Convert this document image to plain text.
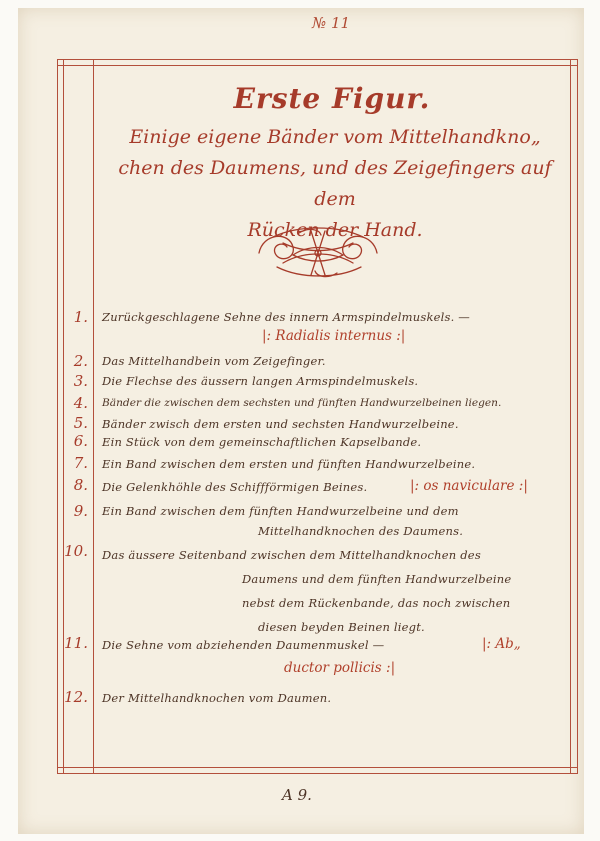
№ 11
Erste Figur.
Einige eigene Bänder vom Mittelhandkno„
chen des Daumens, und des Zeigefingers auf dem
Rücken der Hand.
1. Zurückgeschlagene Sehne des innern Armspindelmuskels. —
|: Radialis internus :|
2. Das Mittelhandbein vom Zeigefinger.
3. Die Flechse des äussern langen Armspindelmuskels.
4. Bänder die zwischen dem sechsten und fünften Handwurzelbeinen liegen.
5. Bänder zwisch dem ersten und sechsten Handwurzelbeine.
6. Ein Stück von dem gemeinschaftlichen Kapselbande.
7. Ein Band zwischen dem ersten und fünften Handwurzelbeine.
8. Die Gelenkhöhle des Schiffförmigen Beines.	|: os naviculare :|
9. Ein Band zwischen dem fünften Handwurzelbeine und dem
Mittelhandknochen des Daumens.
10. Das äussere Seitenband zwischen dem Mittelhandknochen des
Daumens und dem fünften Handwurzelbeine
nebst dem Rückenbande, das noch zwischen
diesen beyden Beinen liegt.
11. Die Sehne vom abziehenden Daumenmuskel —	|: Ab„
ductor pollicis :|
12. Der Mittelhandknochen vom Daumen.
A 9.
